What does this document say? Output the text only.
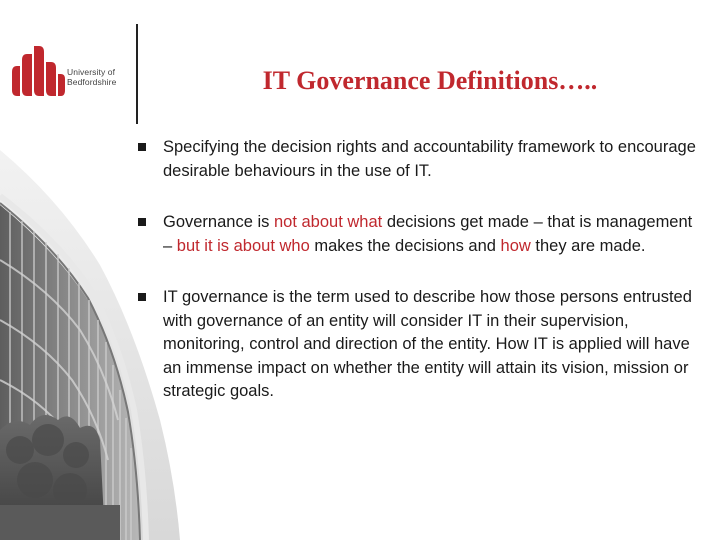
University of
Bedfordshire	IT Governance Definitions…..
Specifying the decision rights and accountability framework to encourage desirable behaviours in the use of IT.
Governance is not about what decisions get made – that is management – but it is about who makes the decisions and how they are made.
IT governance is the term used to describe how those persons entrusted with governance of an entity will consider IT in their supervision, monitoring, control and direction of the entity. How IT is applied will have an immense impact on whether the entity will attain its vision, mission or strategic goals.
